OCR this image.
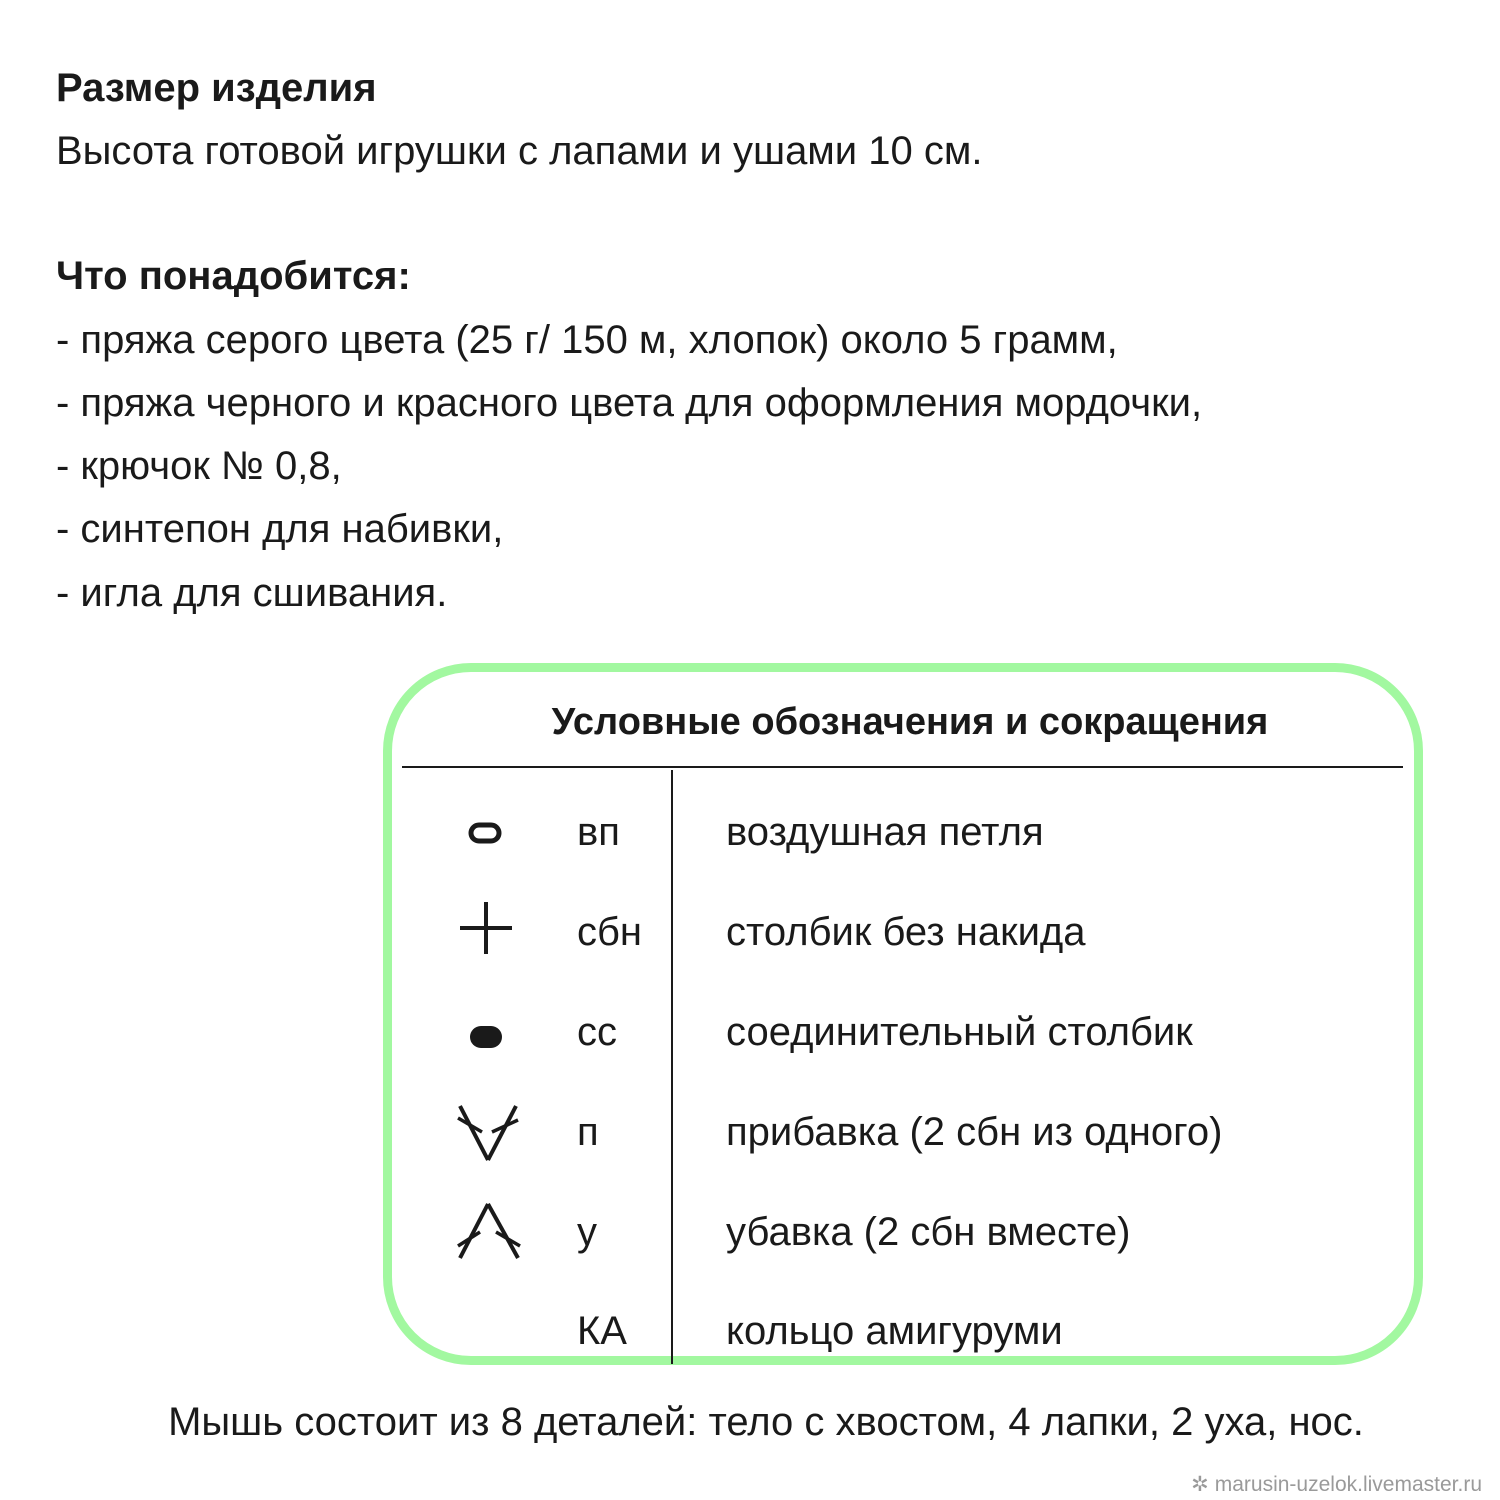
Размер изделия
Высота готовой игрушки с лапами и ушами 10 см.
Что понадобится:
- пряжа серого цвета (25 г/ 150 м, хлопок) около 5 грамм,
- пряжа черного и красного цвета для оформления мордочки,
- крючок № 0,8,
- синтепон для набивки,
- игла для сшивания.
Условные обозначения и сокращения
вп	воздушная петля
сбн столбик без накида
сс	соединительный столбик
п	прибавка (2 сбн из одного)
у	убавка (2 сбн вместе)
КА кольцо амигуруми
Мышь состоит из 8 деталей: тело с хвостом, 4 лапки, 2 уха, нос.
✲ marusin-uzelok.livemaster.ru
